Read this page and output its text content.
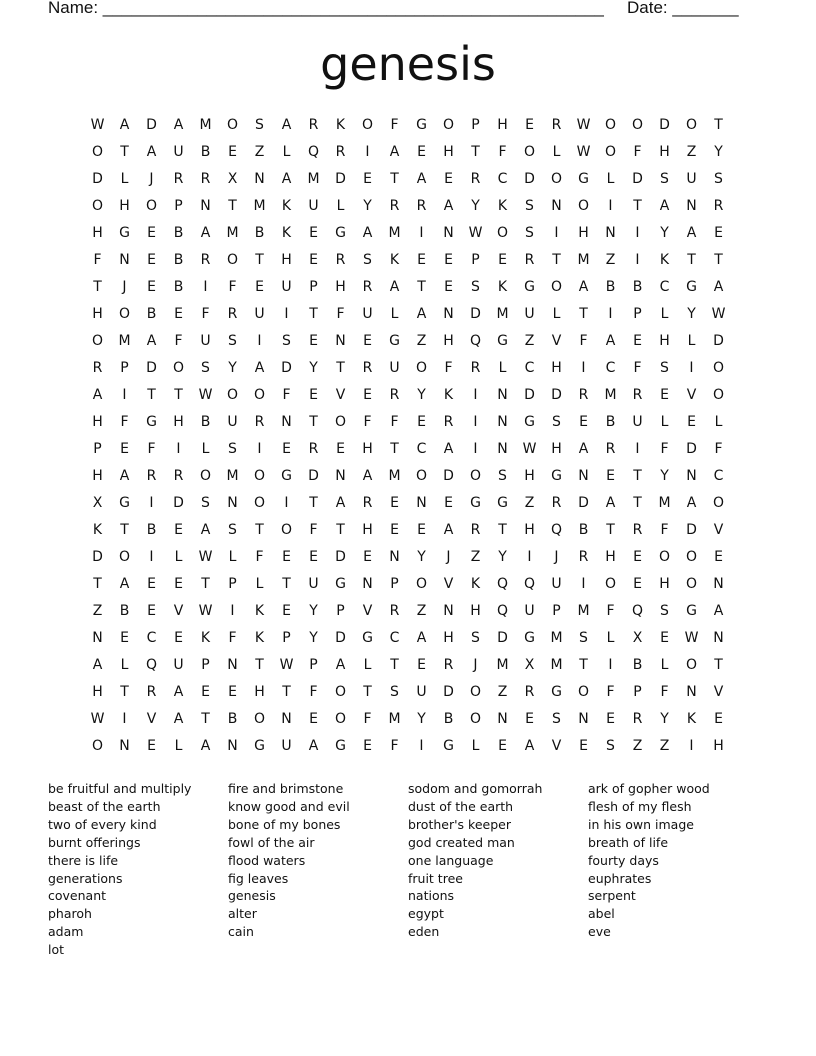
Name: _____________________________________________________ Date: _______
genesis
W	A	D	A	M	O	S	A	R	K	O	F	G	O	P	H	E	R	W	O	O	D	O	T
O	T	A	U	B	E	Z	L	Q	R	I	A	E	H	T	F	O	L	W	O	F	H	Z	Y
D	L	J	R	R	X	N	A	M	D	E	T	A	E	R	C	D	O	G	L	D	S	U	S
O	H	O	P	N	T	M	K	U	L	Y	R	R	A	Y	K	S	N	O	I	T	A	N	R
H	G	E	B	A	M	B	K	E	G	A	M	I	N	W	O	S	I	H	N	I	Y	A	E
F	N	E	B	R	O	T	H	E	R	S	K	E	E	P	E	R	T	M	Z	I	K	T	T
T	J	E	B	I	F	E	U	P	H	R	A	T	E	S	K	G	O	A	B	B	C	G	A
H	O	B	E	F	R	U	I	T	F	U	L	A	N	D	M	U	L	T	I	P	L	Y	W
O	M	A	F	U	S	I	S	E	N	E	G	Z	H	Q	G	Z	V	F	A	E	H	L	D
R	P	D	O	S	Y	A	D	Y	T	R	U	O	F	R	L	C	H	I	C	F	S	I	O
A	I	T	T	W	O	O	F	E	V	E	R	Y	K	I	N	D	D	R	M	R	E	V	O
H	F	G	H	B	U	R	N	T	O	F	F	E	R	I	N	G	S	E	B	U	L	E	L
P	E	F	I	L	S	I	E	R	E	H	T	C	A	I	N	W	H	A	R	I	F	D	F
H	A	R	R	O	M	O	G	D	N	A	M	O	D	O	S	H	G	N	E	T	Y	N	C
X	G	I	D	S	N	O	I	T	A	R	E	N	E	G	G	Z	R	D	A	T	M	A	O
K	T	B	E	A	S	T	O	F	T	H	E	E	A	R	T	H	Q	B	T	R	F	D	V
D	O	I	L	W	L	F	E	E	D	E	N	Y	J	Z	Y	I	J	R	H	E	O	O	E
T	A	E	E	T	P	L	T	U	G	N	P	O	V	K	Q	Q	U	I	O	E	H	O	N
Z	B	E	V	W	I	K	E	Y	P	V	R	Z	N	H	Q	U	P	M	F	Q	S	G	A
N	E	C	E	K	F	K	P	Y	D	G	C	A	H	S	D	G	M	S	L	X	E	W	N
A	L	Q	U	P	N	T	W	P	A	L	T	E	R	J	M	X	M	T	I	B	L	O	T
H	T	R	A	E	E	H	T	F	O	T	S	U	D	O	Z	R	G	O	F	P	F	N	V
W	I	V	A	T	B	O	N	E	O	F	M	Y	B	O	N	E	S	N	E	R	Y	K	E
O	N	E	L	A	N	G	U	A	G	E	F	I	G	L	E	A	V	E	S	Z	Z	I	H
be fruitful and multiply
beast of the earth
two of every kind
burnt offerings
there is life
generations
covenant
pharoh
adam
lot
fire and brimstone
know good and evil
bone of my bones
fowl of the air
flood waters
fig leaves
genesis
alter
cain
sodom and gomorrah
dust of the earth
brother's keeper
god created man
one language
fruit tree
nations
egypt
eden
ark of gopher wood
flesh of my flesh
in his own image
breath of life
fourty days
euphrates
serpent
abel
eve
